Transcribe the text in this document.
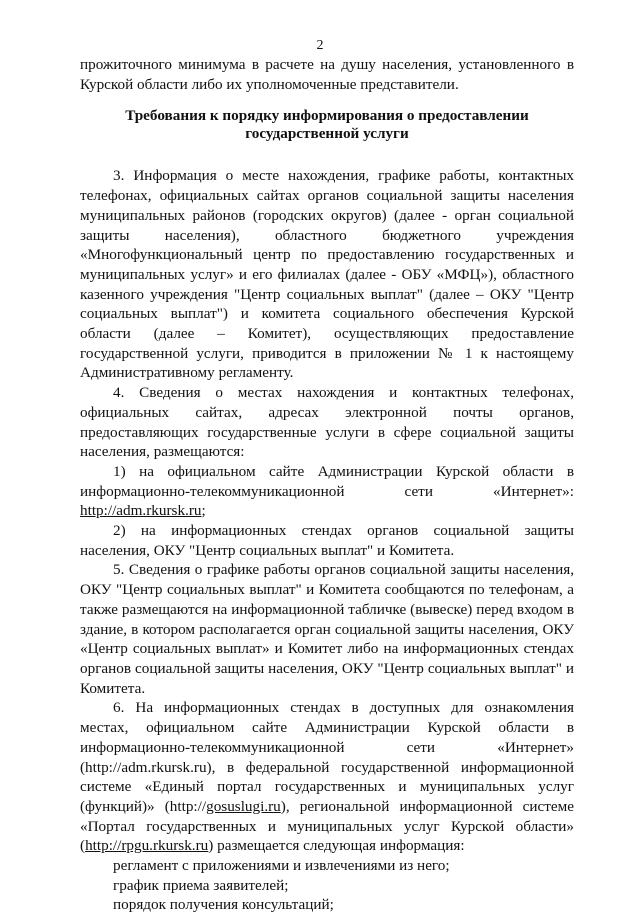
2

прожиточного минимума в расчете на душу населения, установленного в Курской области либо их уполномоченные представители.

Требования к порядку информирования о предоставлении
государственной услуги

3. Информация о месте нахождения, графике работы, контактных телефонах, официальных сайтах органов социальной защиты населения муниципальных районов (городских округов) (далее - орган социальной защиты населения), областного бюджетного учреждения «Многофункциональный центр по предоставлению государственных и муниципальных услуг» и его филиалах (далее - ОБУ «МФЦ»), областного казенного учреждения "Центр социальных выплат" (далее – ОКУ "Центр социальных выплат") и комитета социального обеспечения Курской области (далее – Комитет), осуществляющих предоставление государственной услуги, приводится в приложении № 1 к настоящему Административному регламенту.

4. Сведения о местах нахождения и контактных телефонах, официальных сайтах, адресах электронной почты органов, предоставляющих государственные услуги в сфере социальной защиты населения, размещаются:

1) на официальном сайте Администрации Курской области в информационно-телекоммуникационной сети «Интернет»: http://adm.rkursk.ru;

2) на информационных стендах органов социальной защиты населения, ОКУ "Центр социальных выплат" и Комитета.

5. Сведения о графике работы органов социальной защиты населения, ОКУ "Центр социальных выплат" и Комитета сообщаются по телефонам, а также размещаются на информационной табличке (вывеске) перед входом в здание, в котором располагается орган социальной защиты населения, ОКУ «Центр социальных выплат» и Комитет либо на информационных стендах органов социальной защиты населения, ОКУ "Центр социальных выплат" и Комитета.

6. На информационных стендах в доступных для ознакомления местах, официальном сайте Администрации Курской области в информационно-телекоммуникационной сети «Интернет» (http://adm.rkursk.ru), в федеральной государственной информационной системе «Единый портал государственных и муниципальных услуг (функций)» (http://gosuslugi.ru), региональной информационной системе «Портал государственных и муниципальных услуг Курской области» (http://rpgu.rkursk.ru) размещается следующая информация:

регламент с приложениями и извлечениями из него;

график приема заявителей;

порядок получения консультаций;
